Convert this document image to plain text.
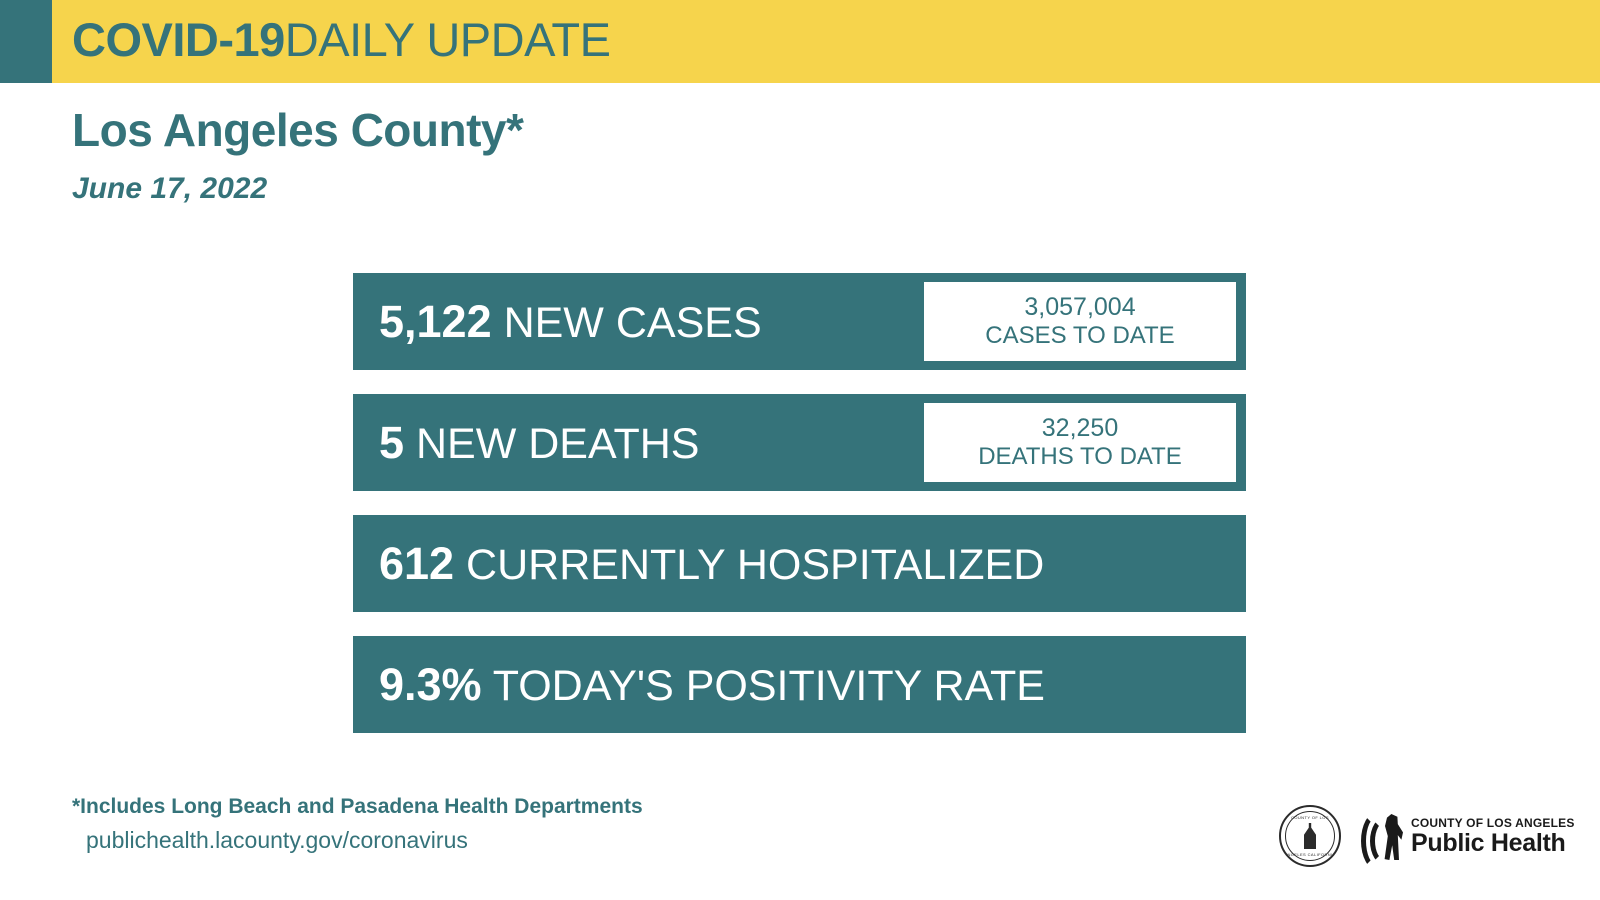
COVID-19DAILY UPDATE
Los Angeles County*
June 17, 2022
5,122 NEW CASES	3,057,004
CASES TO DATE
5 NEW DEATHS	32,250
DEATHS TO DATE
612 CURRENTLY HOSPITALIZED
9.3% TODAY'S POSITIVITY RATE
*Includes Long Beach and Pasadena Health Departments
publichealth.lacounty.gov/coronavirus
COUNTY OF LOS
ANGELES CALIFORNIA
COUNTY OF LOS ANGELES
Public Health
